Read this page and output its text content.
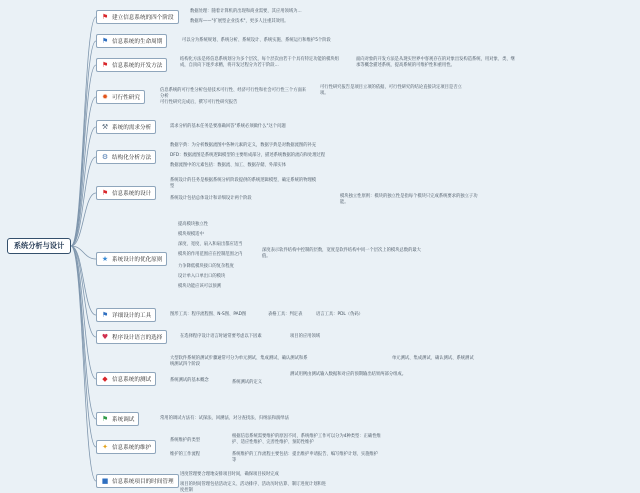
系统分析与设计
⚑
建立信息系统的四个阶段
数据处理：随着计算机的出现和商业需要，其应用领域为…
数据库——"扩展型企业技术"，更多人注重其效用。
⚑
信息系统的生命周期	可以分为系统规划、系统分析、系统设计、系统实施、系统运行和维护5个阶段
⚑
信息系统的开发方法
结构化方法是将信息系统划分为多个层次，每个层次由若干个具有特定功能的模块组成，自顶向下逐步求精，将开发过程分为若干阶段…
面向对象的开发方法是从现实世界中客观存在的对象出发构造系统，用对象、类、继承等概念描述系统，提高系统的可维护性和重用性。
✹
可行性研究
信息系统的可行性分析包括技术可行性、经济可行性和社会可行性三个方面来分析
可行性研究报告是项目立项的依据，可行性研究的结论直接决定项目是否立项。
可行性研究完成后，撰写可行性研究报告
⚒
系统的需求分析	需求分析的基本任务是要准确回答"系统必须做什么"这个问题
⚙
结构化分析方法
数据字典：为分析数据流图中各种元素的定义，数据字典是对数据流图的补充
DFD：数据流图是系统逻辑模型的主要组成部分，描述系统数据的流向和处理过程
数据流图中的元素包括：数据流、加工、数据存储、外部实体
⚑
信息系统的设计
系统设计的任务是根据系统分析阶段提供的系统逻辑模型，确定系统的物理模型
系统设计包括总体设计和详细设计两个阶段	模块独立性原则：模块的独立性是指每个模块只完成系统要求的独立子功能。
★
系统设计的优化原则
提高模块独立性
模块规模适中
深度、宽度、扇入和扇出都应适当
模块的作用范围应在控制范围之内
力争降低模块接口的复杂程度
设计单入口单出口的模块
模块功能应该可以预测
深度表示软件结构中控制的层数，宽度是软件结构中同一个层次上的模块总数的最大值。
⚑
详细设计的工具	图形工具：程序流程图、N-S图、PAD图	表格工具：判定表	语言工具：PDL（伪码）
♥
程序设计语言的选择	在选择程序设计语言时通常要考虑以下因素	项目的应用领域
◆
信息系统的测试
大型软件系统的测试步骤通常可分为单元测试、集成测试、确认测试和系统测试四个阶段
系统测试的基本概念
测试用例由测试输入数据和对应的预期输出结果两部分组成。
系统测试的定义
单元测试、集成测试、确认测试、系统测试
⚑
系统调试	常用的调试方法有：试探法、回溯法、对分查找法、归纳法和演绎法
✦
信息系统的维护
系统维护的类型
根据信息系统需要维护的原因不同，系统维护工作可以分为4种类型：正确性维护、适应性维护、完善性维护、预防性维护
维护的工作流程	系统维护的工作流程主要包括：提出维护申请报告、编写维护计划、实施维护等
■
信息系统项目的时间管理
进度管理要合理地安排项目时间，确保项目按时完成
项目的时间管理包括活动定义、活动排序、活动历时估算、制订进度计划和进度控制
